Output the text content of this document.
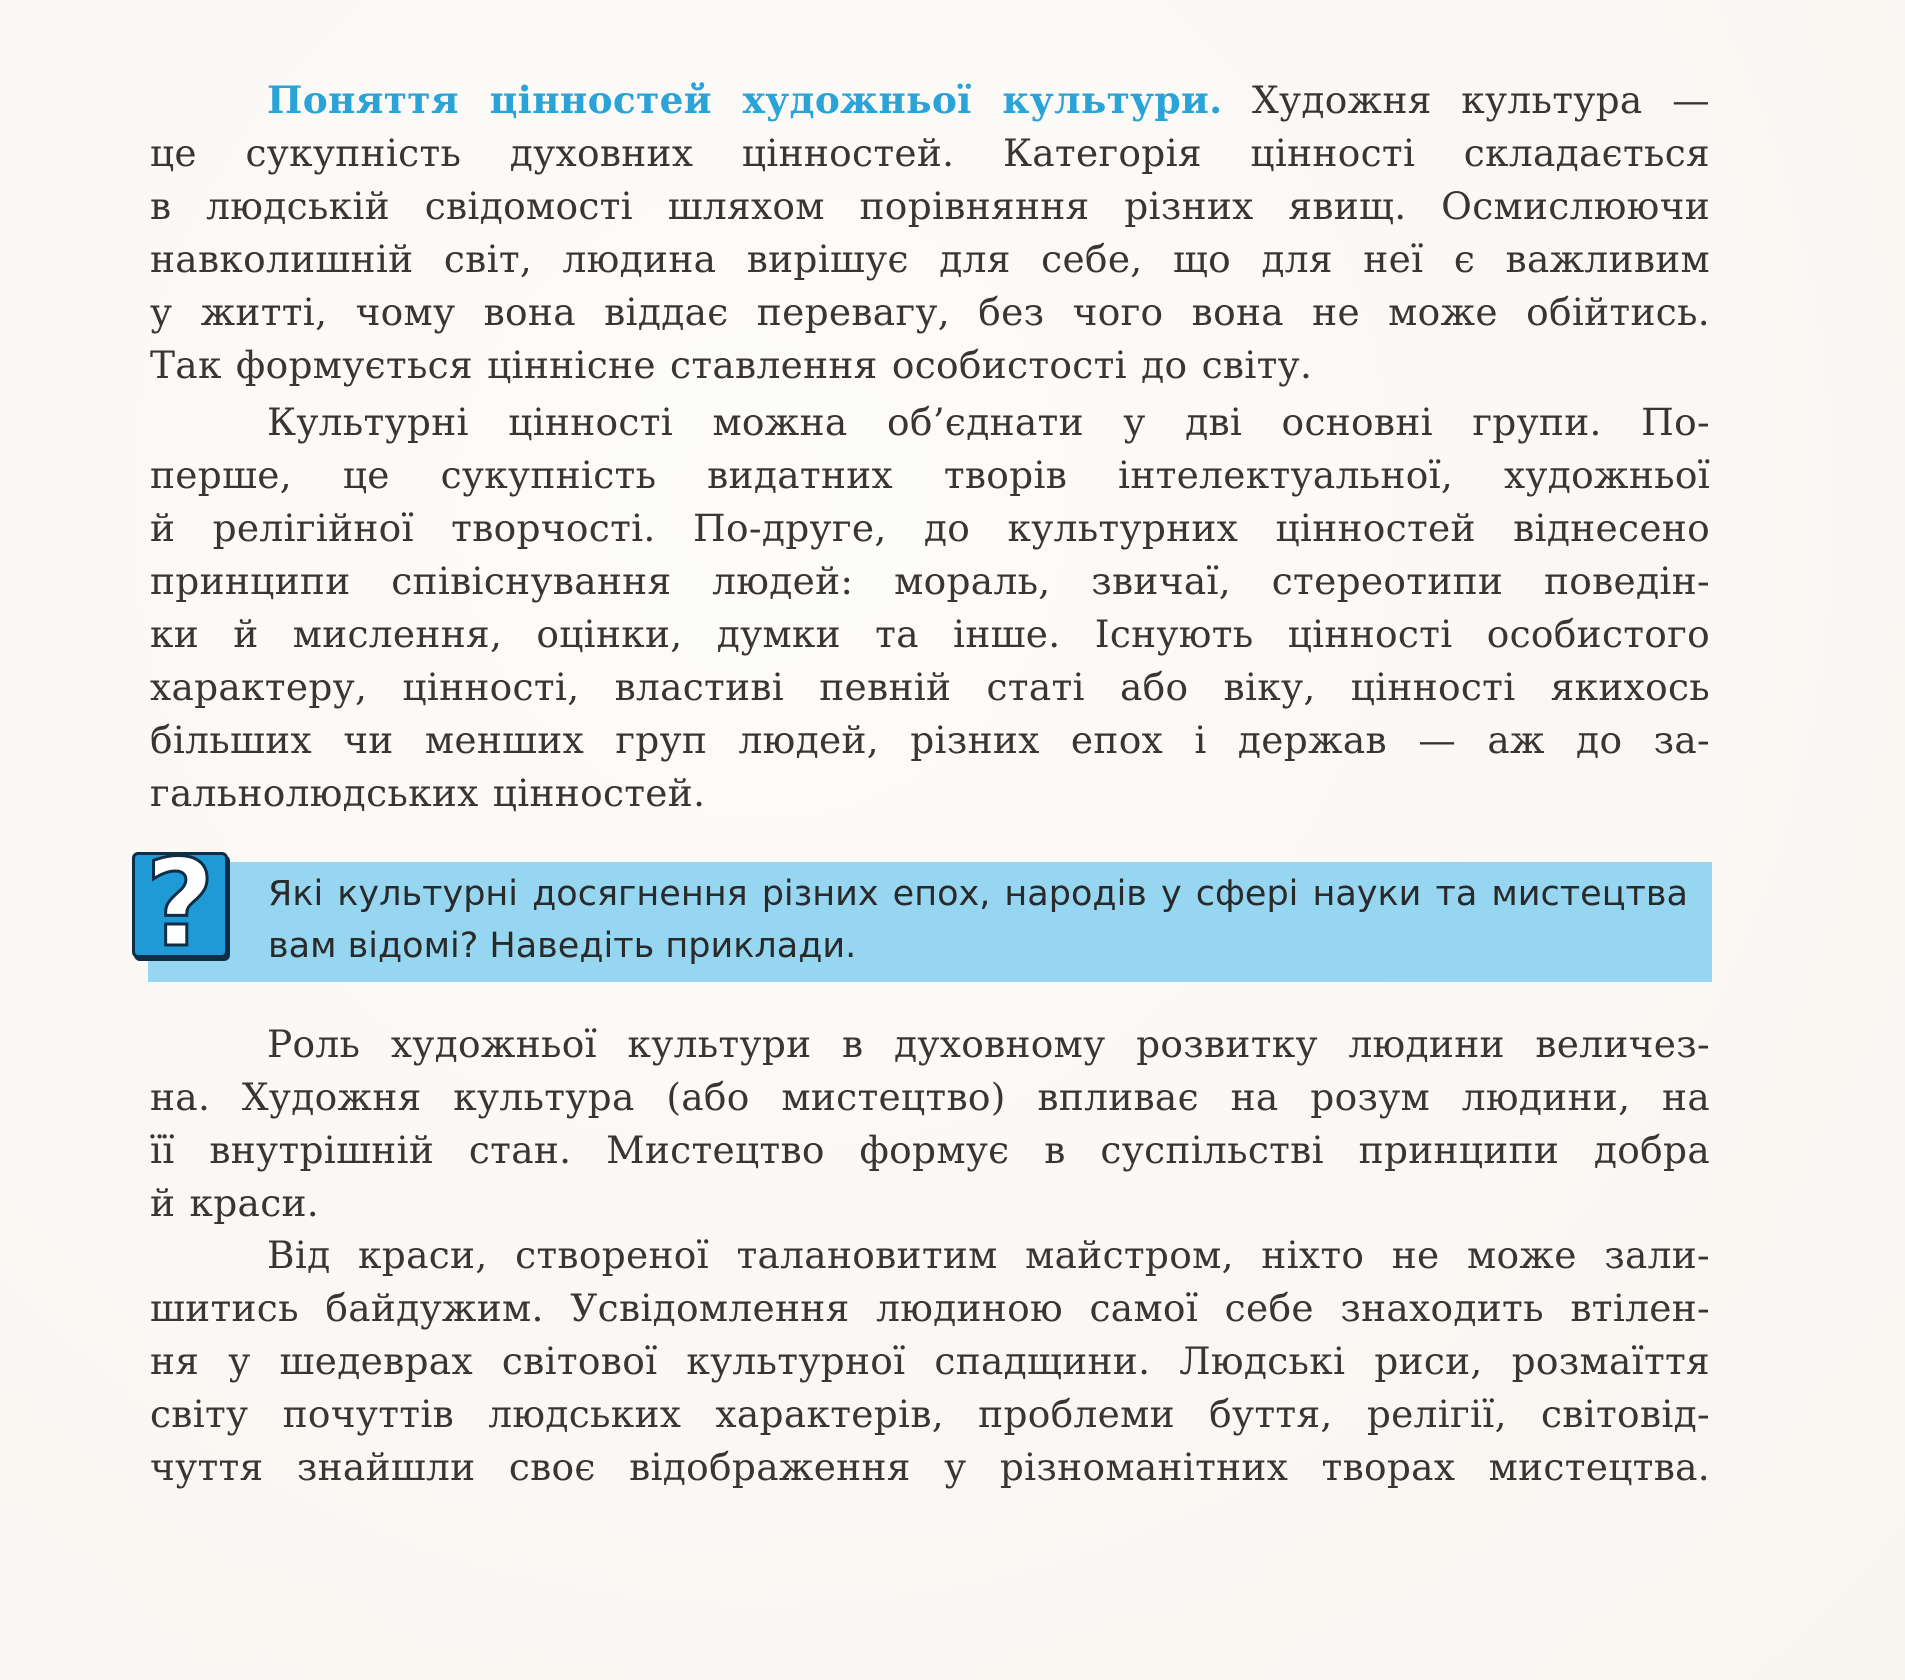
Поняття цінностей художньої культури. Художня культура —
це сукупність духовних цінностей. Категорія цінності складається
в людській свідомості шляхом порівняння різних явищ. Осмислюючи
навколишній світ, людина вирішує для себе, що для неї є важливим
у житті, чому вона віддає перевагу, без чого вона не може обійтись.
Так формується ціннісне ставлення особистості до світу.
Культурні цінності можна об’єднати у дві основні групи. По-
перше, це сукупність видатних творів інтелектуальної, художньої
й релігійної творчості. По-друге, до культурних цінностей віднесено
принципи співіснування людей: мораль, звичаї, стереотипи поведін-
ки й мислення, оцінки, думки та інше. Існують цінності особистого
характеру, цінності, властиві певній статі або віку, цінності якихось
більших чи менших груп людей, різних епох і держав — аж до за-
гальнолюдських цінностей.
? Які культурні досягнення різних епох, народів у сфері науки та мистецтва
вам відомі? Наведіть приклади.
Роль художньої культури в духовному розвитку людини величез-
на. Художня культура (або мистецтво) впливає на розум людини, на
її внутрішній стан. Мистецтво формує в суспільстві принципи добра
й краси.
Від краси, створеної талановитим майстром, ніхто не може зали-
шитись байдужим. Усвідомлення людиною самої себе знаходить втілен-
ня у шедеврах світової культурної спадщини. Людські риси, розмаїття
світу почуттів людських характерів, проблеми буття, релігії, світовід-
чуття знайшли своє відображення у різноманітних творах мистецтва.
